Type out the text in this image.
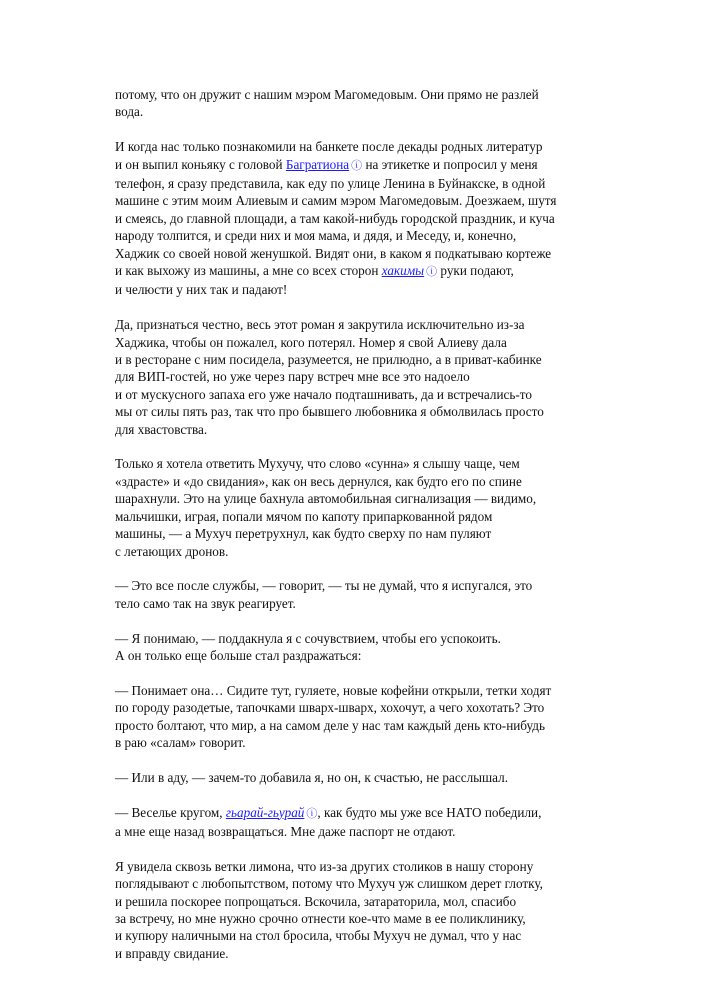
потому, что он дружит с нашим мэром Магомедовым. Они прямо не разлей
вода.
И когда нас только познакомили на банкете после декады родных литератур
и он выпил коньяку с головой Багратиона ⓘ на этикетке и попросил у меня
телефон, я сразу представила, как еду по улице Ленина в Буйнакске, в одной
машине с этим моим Алиевым и самим мэром Магомедовым. Доезжаем, шутя
и смеясь, до главной площади, а там какой-нибудь городской праздник, и куча
народу толпится, и среди них и моя мама, и дядя, и Меседу, и, конечно,
Хаджик со своей новой женушкой. Видят они, в каком я подкатываю кортеже
и как выхожу из машины, а мне со всех сторон хакимы ⓘ руки подают,
и челюсти у них так и падают!
Да, признаться честно, весь этот роман я закрутила исключительно из-за
Хаджика, чтобы он пожалел, кого потерял. Номер я свой Алиеву дала
и в ресторане с ним посидела, разумеется, не прилюдно, а в приват-кабинке
для ВИП-гостей, но уже через пару встреч мне все это надоело
и от мускусного запаха его уже начало подташнивать, да и встречались-то
мы от силы пять раз, так что про бывшего любовника я обмолвилась просто
для хвастовства.
Только я хотела ответить Мухучу, что слово «сунна» я слышу чаще, чем
«здрасте» и «до свидания», как он весь дернулся, как будто его по спине
шарахнули. Это на улице бахнула автомобильная сигнализация — видимо,
мальчишки, играя, попали мячом по капоту припаркованной рядом
машины, — а Мухуч перетрухнул, как будто сверху по нам пуляют
с летающих дронов.
— Это все после службы, — говорит, — ты не думай, что я испугался, это
тело само так на звук реагирует.
— Я понимаю, — поддакнула я с сочувствием, чтобы его успокоить.
А он только еще больше стал раздражаться:
— Понимает она… Сидите тут, гуляете, новые кофейни открыли, тетки ходят
по городу разодетые, тапочками шварх-шварх, хохочут, а чего хохотать? Это
просто болтают, что мир, а на самом деле у нас там каждый день кто-нибудь
в раю «салам» говорит.
— Или в аду, — зачем-то добавила я, но он, к счастью, не расслышал.
— Веселье кругом, гьарай-гьурай ⓘ, как будто мы уже все НАТО победили,
а мне еще назад возвращаться. Мне даже паспорт не отдают.
Я увидела сквозь ветки лимона, что из-за других столиков в нашу сторону
поглядывают с любопытством, потому что Мухуч уж слишком дерет глотку,
и решила поскорее попрощаться. Вскочила, затараторила, мол, спасибо
за встречу, но мне нужно срочно отнести кое-что маме в ее поликлинику,
и купюру наличными на стол бросила, чтобы Мухуч не думал, что у нас
и вправду свидание.
